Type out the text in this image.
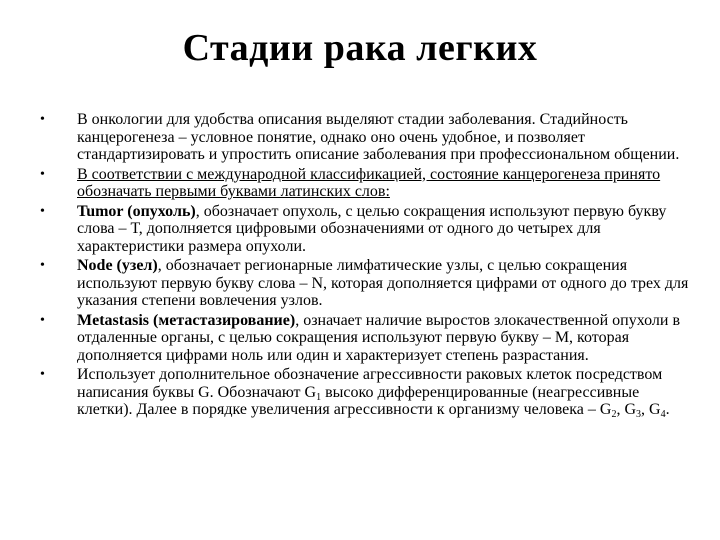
Стадии рака легких
• В онкологии для удобства описания выделяют стадии заболевания. Стадийность канцерогенеза – условное понятие, однако оно очень удобное, и позволяет стандартизировать и упростить описание заболевания при профессиональном общении.
• В соответствии с международной классификацией, состояние канцерогенеза принято обозначать первыми буквами латинских слов:
• Tumor (опухоль), обозначает опухоль, с целью сокращения используют первую букву слова – Т, дополняется цифровыми обозначениями от одного до четырех для характеристики размера опухоли.
• Node (узел), обозначает регионарные лимфатические узлы, с целью сокращения используют первую букву слова – N, которая дополняется цифрами от одного до трех для указания степени вовлечения узлов.
• Metastasis (метастазирование), означает наличие выростов злокачественной опухоли в отдаленные органы, с целью сокращения используют первую букву – М, которая дополняется цифрами ноль или один и характеризует степень разрастания.
• Использует дополнительное обозначение агрессивности раковых клеток посредством написания буквы G. Обозначают $G_1$ высоко дифференцированные (неагрессивные клетки). Далее в порядке увеличения агрессивности к организму человека – $G_2$, $G_3$, $G_4$.
